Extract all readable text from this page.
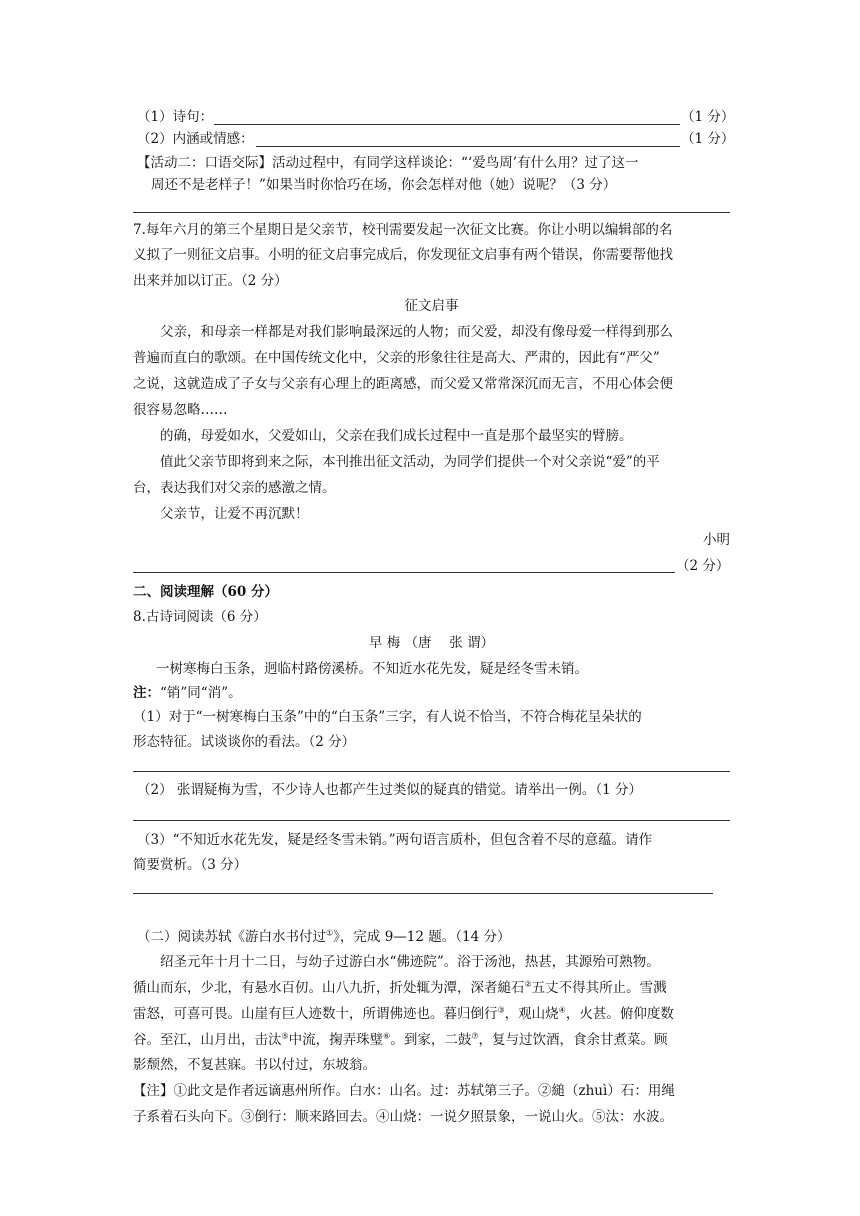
（1）诗句：	（1 分）
（2）内涵或情感：	（1 分）
【活动二：口语交际】活动过程中，有同学这样谈论：“‘爱鸟周’有什么用？过了这一
周还不是老样子！”如果当时你恰巧在场，你会怎样对他（她）说呢？（3 分）
7.每年六月的第三个星期日是父亲节，校刊需要发起一次征文比赛。你让小明以编辑部的名
义拟了一则征文启事。小明的征文启事完成后，你发现征文启事有两个错误，你需要帮他找
出来并加以订正。（2 分）
征文启事
父亲，和母亲一样都是对我们影响最深远的人物；而父爱，却没有像母爱一样得到那么
普遍而直白的歌颂。在中国传统文化中，父亲的形象往往是高大、严肃的，因此有“严父”
之说，这就造成了子女与父亲有心理上的距离感，而父爱又常常深沉而无言，不用心体会便
很容易忽略……
的确，母爱如水，父爱如山，父亲在我们成长过程中一直是那个最坚实的臂膀。
值此父亲节即将到来之际，本刊推出征文活动，为同学们提供一个对父亲说“爱”的平
台，表达我们对父亲的感激之情。
父亲节，让爱不再沉默！
小明
（2 分）
二、阅读理解（60 分）
8.古诗词阅读（6 分）
早 梅 （唐　 张 谓）
一树寒梅白玉条，迥临村路傍溪桥。不知近水花先发，疑是经冬雪未销。
注：“销”同“消”。
（1）对于“一树寒梅白玉条”中的“白玉条”三字，有人说不恰当，不符合梅花呈朵状的
形态特征。试谈谈你的看法。（2 分）
（2） 张谓疑梅为雪，不少诗人也都产生过类似的疑真的错觉。请举出一例。（1 分）
（3）“不知近水花先发，疑是经冬雪未销。”两句语言质朴，但包含着不尽的意蕴。请作
简要赏析。（3 分）
（二）阅读苏轼《游白水书付过①》，完成 9—12 题。（14 分）
绍圣元年十月十二日，与幼子过游白水“佛迹院”。浴于汤池，热甚，其源殆可熟物。
循山而东，少北，有悬水百仞。山八九折，折处辄为潭，深者縋石②五丈不得其所止。雪溅
雷怒，可喜可畏。山崖有巨人迹数十，所谓佛迹也。暮归倒行③，观山烧④，火甚。俯仰度数
谷。至江，山月出，击汰⑤中流，掬弄珠璧⑥。到家，二鼓⑦，复与过饮酒，食余甘煮菜。顾
影颓然，不复甚寐。书以付过，东坡翁。
【注】①此文是作者远谪惠州所作。白水：山名。过：苏轼第三子。②縋（zhuì）石：用绳
子系着石头向下。③倒行：顺来路回去。④山烧：一说夕照景象，一说山火。⑤汰：水波。
